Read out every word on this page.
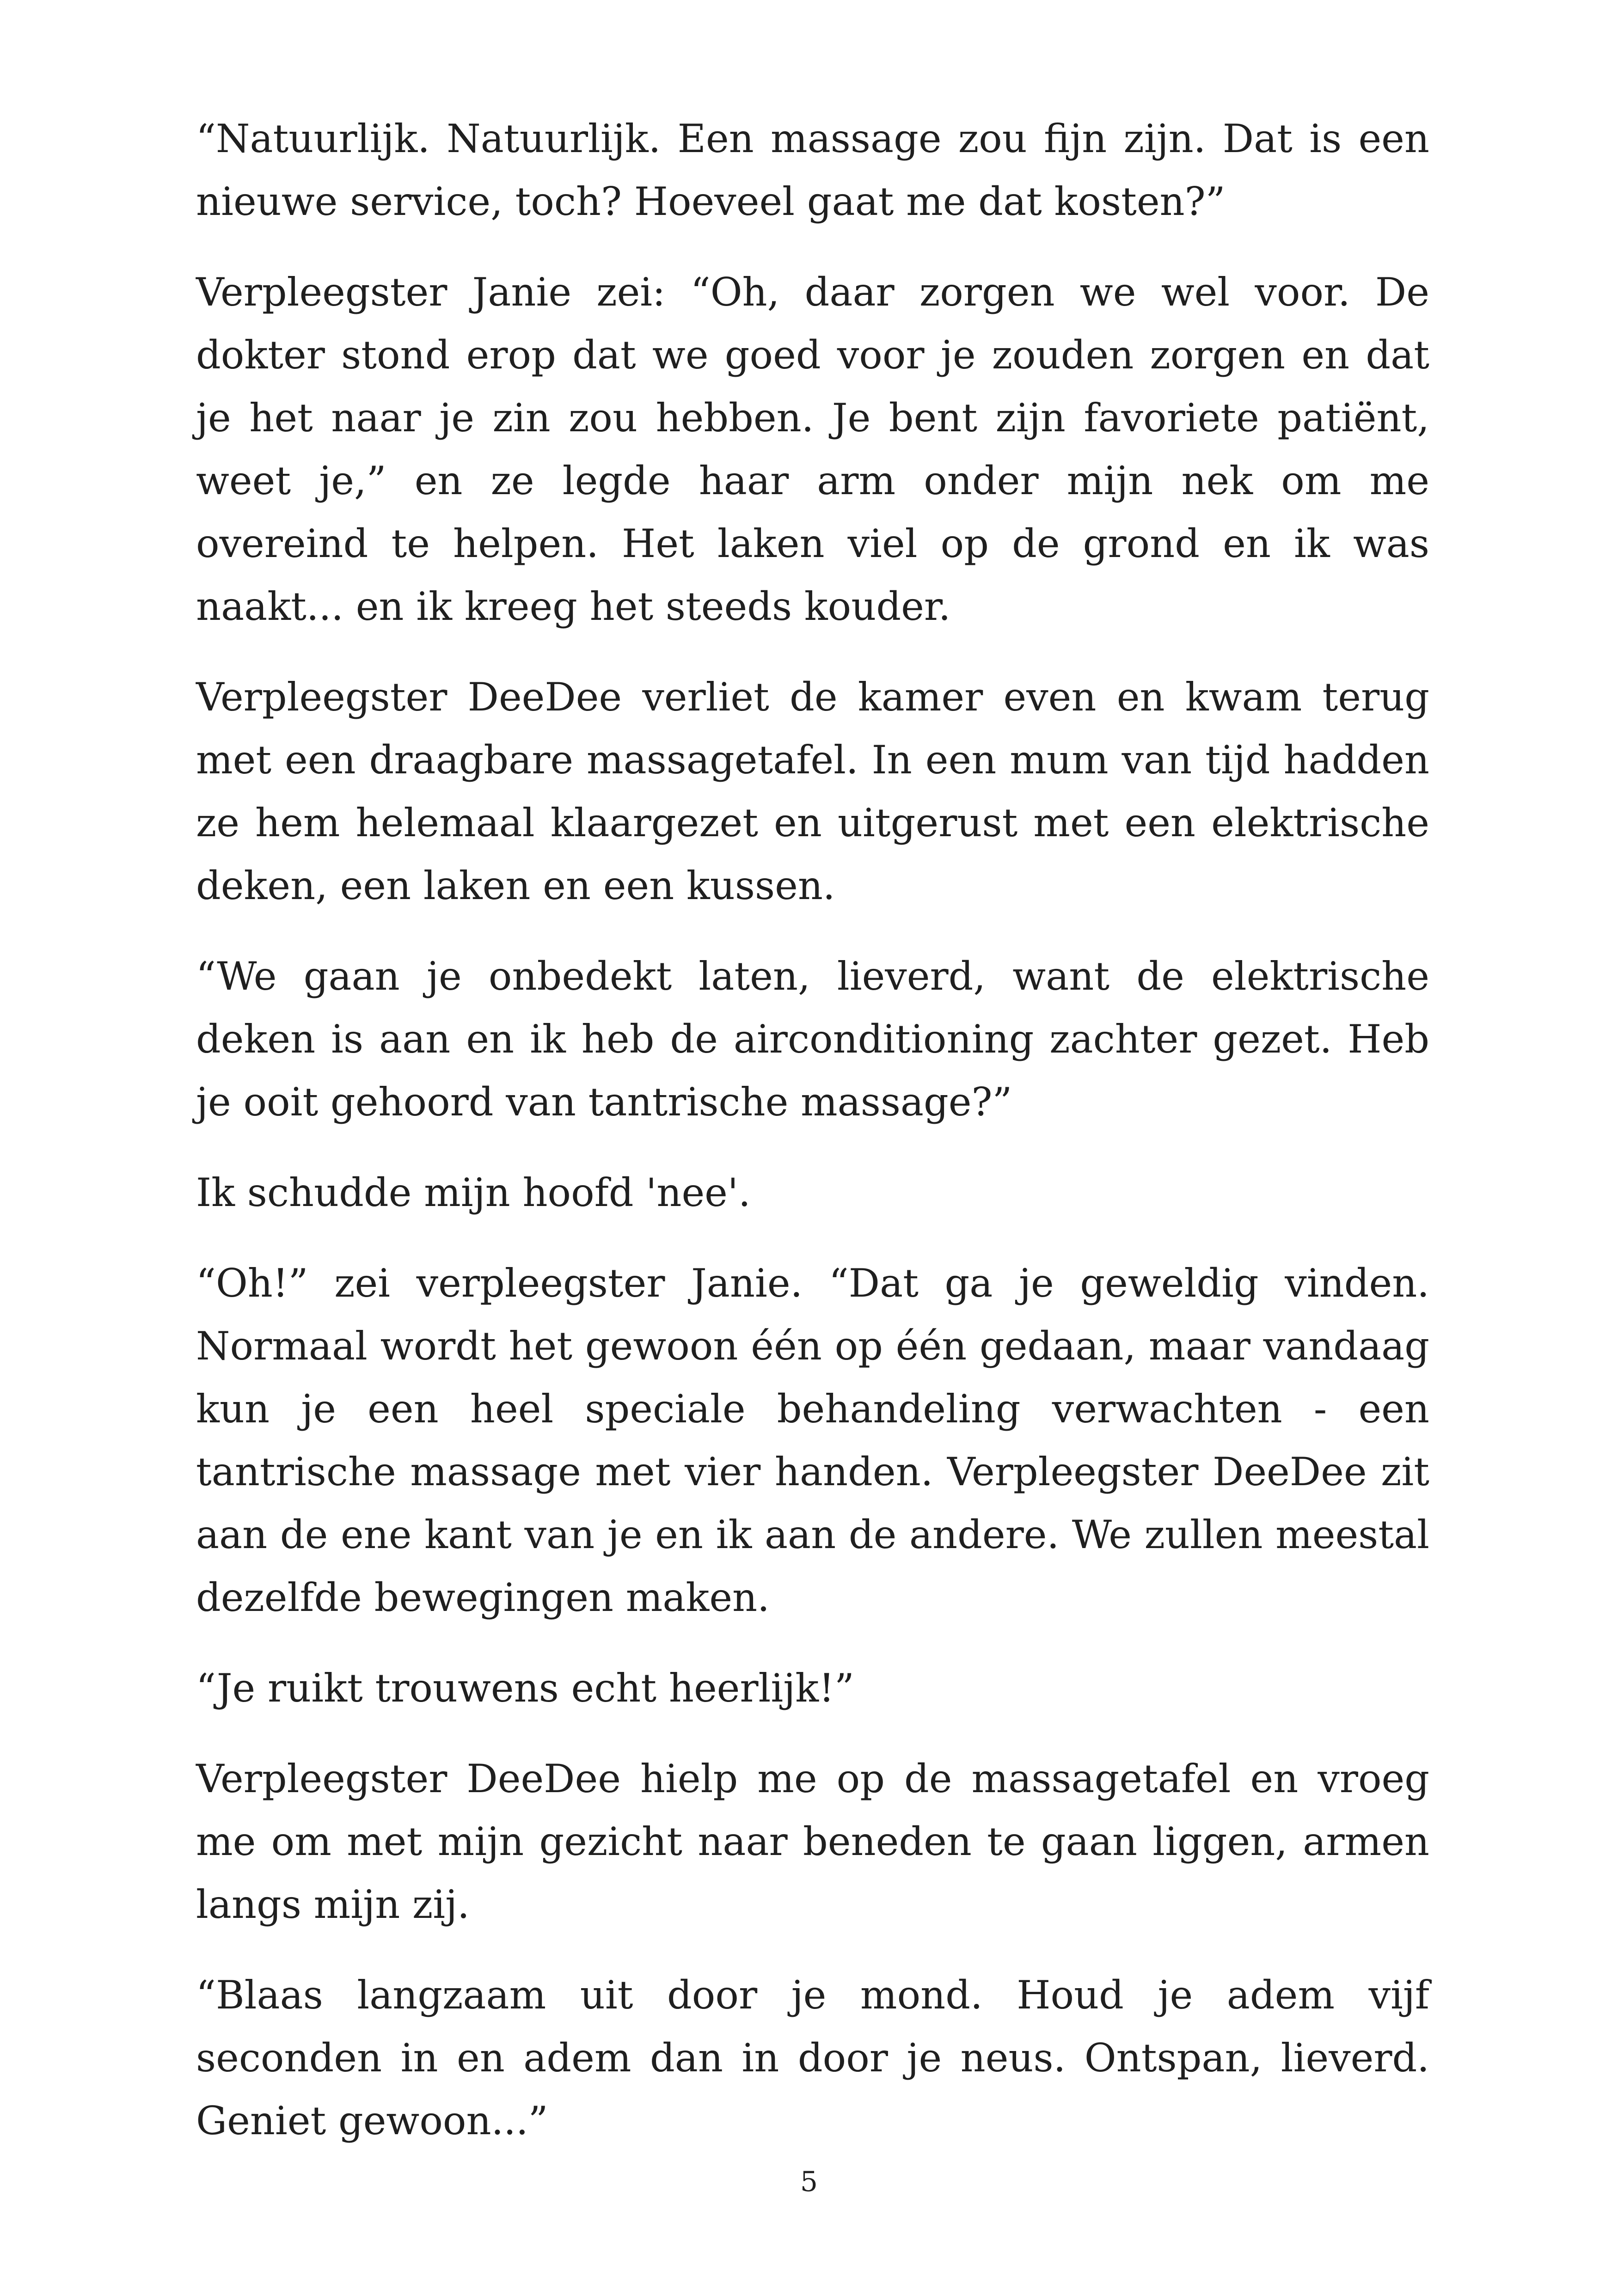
“Natuurlijk. Natuurlijk. Een massage zou fijn zijn. Dat is een nieuwe service, toch? Hoeveel gaat me dat kosten?”

Verpleegster Janie zei: “Oh, daar zorgen we wel voor. De dokter stond erop dat we goed voor je zouden zorgen en dat je het naar je zin zou hebben. Je bent zijn favoriete patiënt, weet je,” en ze legde haar arm onder mijn nek om me overeind te helpen. Het laken viel op de grond en ik was naakt... en ik kreeg het steeds kouder.

Verpleegster DeeDee verliet de kamer even en kwam terug met een draagbare massagetafel. In een mum van tijd hadden ze hem helemaal klaargezet en uitgerust met een elektrische deken, een laken en een kussen.

“We gaan je onbedekt laten, lieverd, want de elektrische deken is aan en ik heb de airconditioning zachter gezet. Heb je ooit gehoord van tantrische massage?”

Ik schudde mijn hoofd 'nee'.

“Oh!” zei verpleegster Janie. “Dat ga je geweldig vinden. Normaal wordt het gewoon één op één gedaan, maar vandaag kun je een heel speciale behandeling verwachten - een tantrische massage met vier handen. Verpleegster DeeDee zit aan de ene kant van je en ik aan de andere. We zullen meestal dezelfde bewegingen maken.

“Je ruikt trouwens echt heerlijk!”

Verpleegster DeeDee hielp me op de massagetafel en vroeg me om met mijn gezicht naar beneden te gaan liggen, armen langs mijn zij.

“Blaas langzaam uit door je mond. Houd je adem vijf seconden in en adem dan in door je neus. Ontspan, lieverd. Geniet gewoon...”

5
